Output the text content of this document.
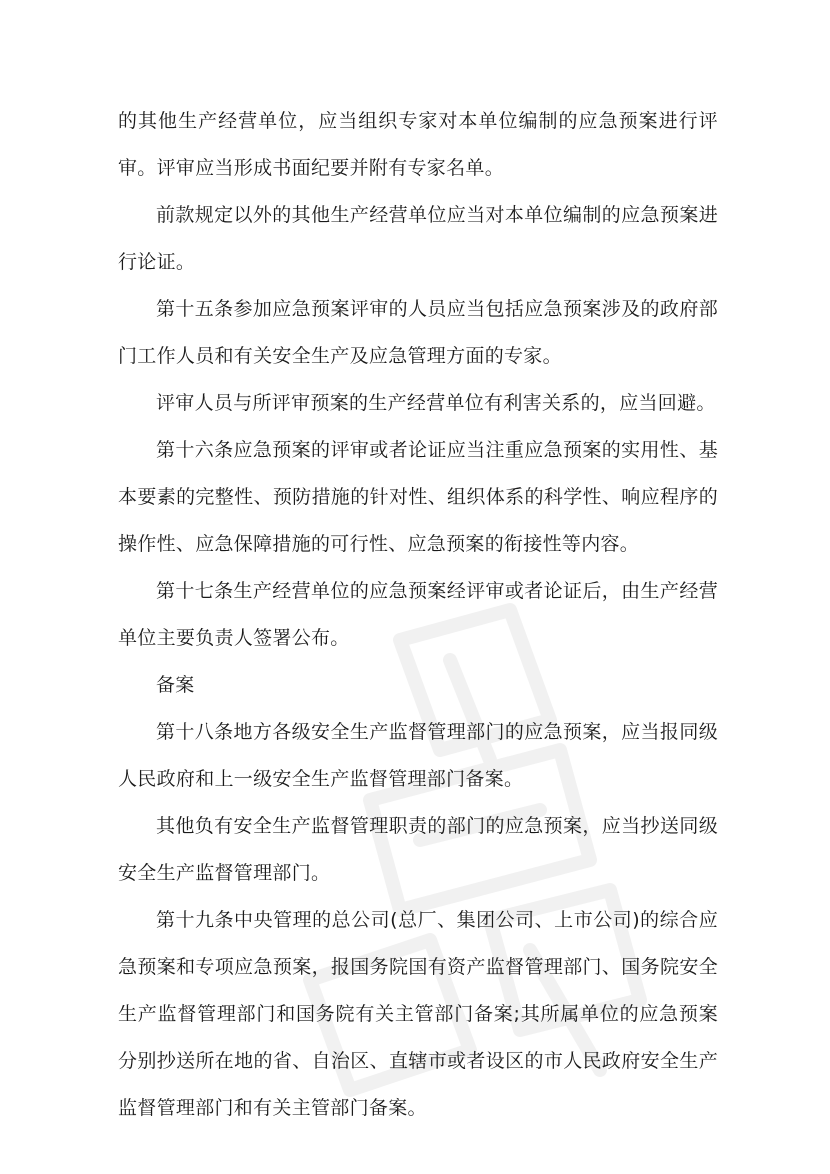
的其他生产经营单位，应当组织专家对本单位编制的应急预案进行评审。评审应当形成书面纪要并附有专家名单。

前款规定以外的其他生产经营单位应当对本单位编制的应急预案进行论证。

第十五条参加应急预案评审的人员应当包括应急预案涉及的政府部门工作人员和有关安全生产及应急管理方面的专家。

评审人员与所评审预案的生产经营单位有利害关系的，应当回避。

第十六条应急预案的评审或者论证应当注重应急预案的实用性、基本要素的完整性、预防措施的针对性、组织体系的科学性、响应程序的操作性、应急保障措施的可行性、应急预案的衔接性等内容。

第十七条生产经营单位的应急预案经评审或者论证后，由生产经营单位主要负责人签署公布。

备案

第十八条地方各级安全生产监督管理部门的应急预案，应当报同级人民政府和上一级安全生产监督管理部门备案。

其他负有安全生产监督管理职责的部门的应急预案，应当抄送同级安全生产监督管理部门。

第十九条中央管理的总公司(总厂、集团公司、上市公司)的综合应急预案和专项应急预案，报国务院国有资产监督管理部门、国务院安全生产监督管理部门和国务院有关主管部门备案;其所属单位的应急预案分别抄送所在地的省、自治区、直辖市或者设区的市人民政府安全生产监督管理部门和有关主管部门备案。
